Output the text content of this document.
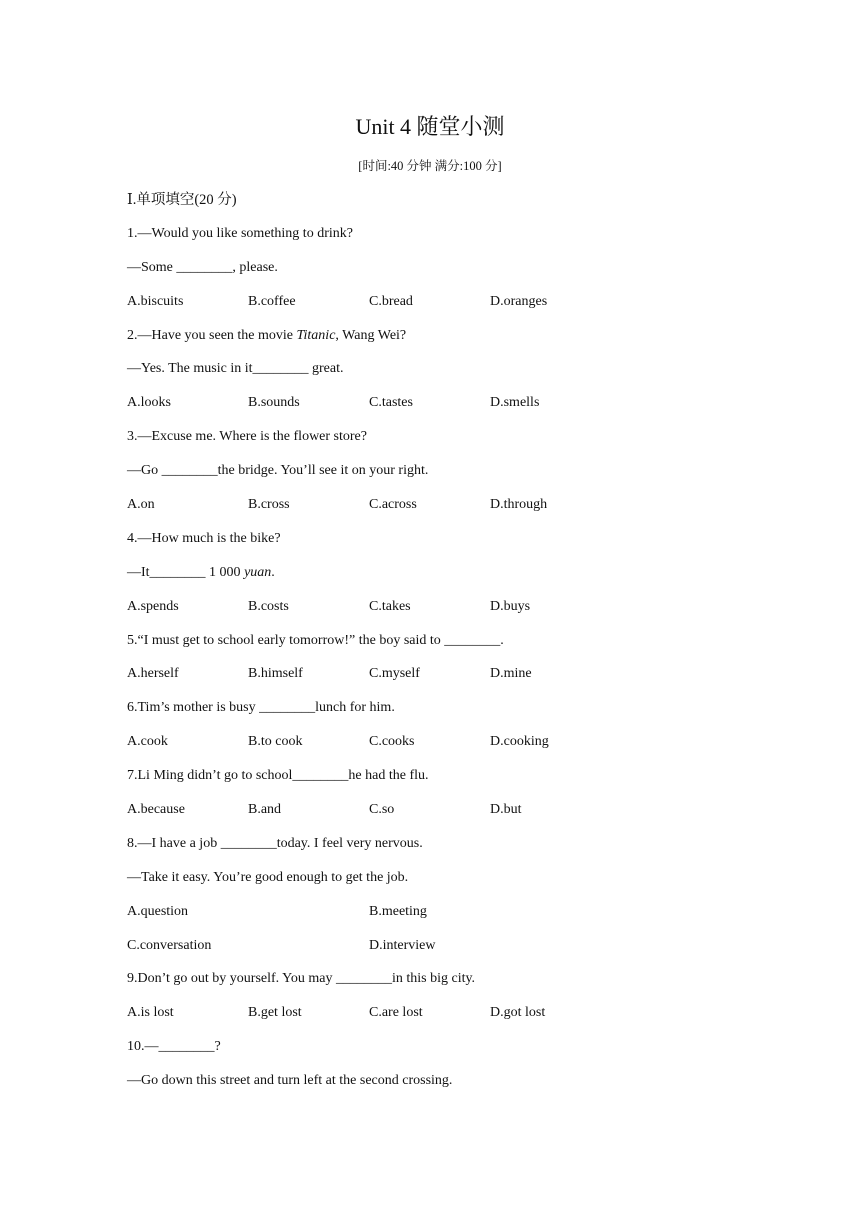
Unit 4 随堂小测
[时间:40 分钟 满分:100 分]
Ⅰ.单项填空(20 分)
1.—Would you like something to drink?
—Some ________, please.
A.biscuits	B.coffee	C.bread	D.oranges
2.—Have you seen the movie Titanic, Wang Wei?
—Yes. The music in it________ great.
A.looks	B.sounds	C.tastes	D.smells
3.—Excuse me. Where is the flower store?
—Go ________the bridge. You’ll see it on your right.
A.on	B.cross	C.across	D.through
4.—How much is the bike?
—It________ 1 000 yuan.
A.spends	B.costs	C.takes	D.buys
5.“I must get to school early tomorrow!” the boy said to ________.
A.herself	B.himself	C.myself	D.mine
6.Tim’s mother is busy ________lunch for him.
A.cook	B.to cook	C.cooks	D.cooking
7.Li Ming didn’t go to school________he had the flu.
A.because	B.and	C.so	D.but
8.—I have a job ________today. I feel very nervous.
—Take it easy. You’re good enough to get the job.
A.question	B.meeting
C.conversation	D.interview
9.Don’t go out by yourself. You may ________in this big city.
A.is lost	B.get lost	C.are lost	D.got lost
10.—________?
—Go down this street and turn left at the second crossing.
